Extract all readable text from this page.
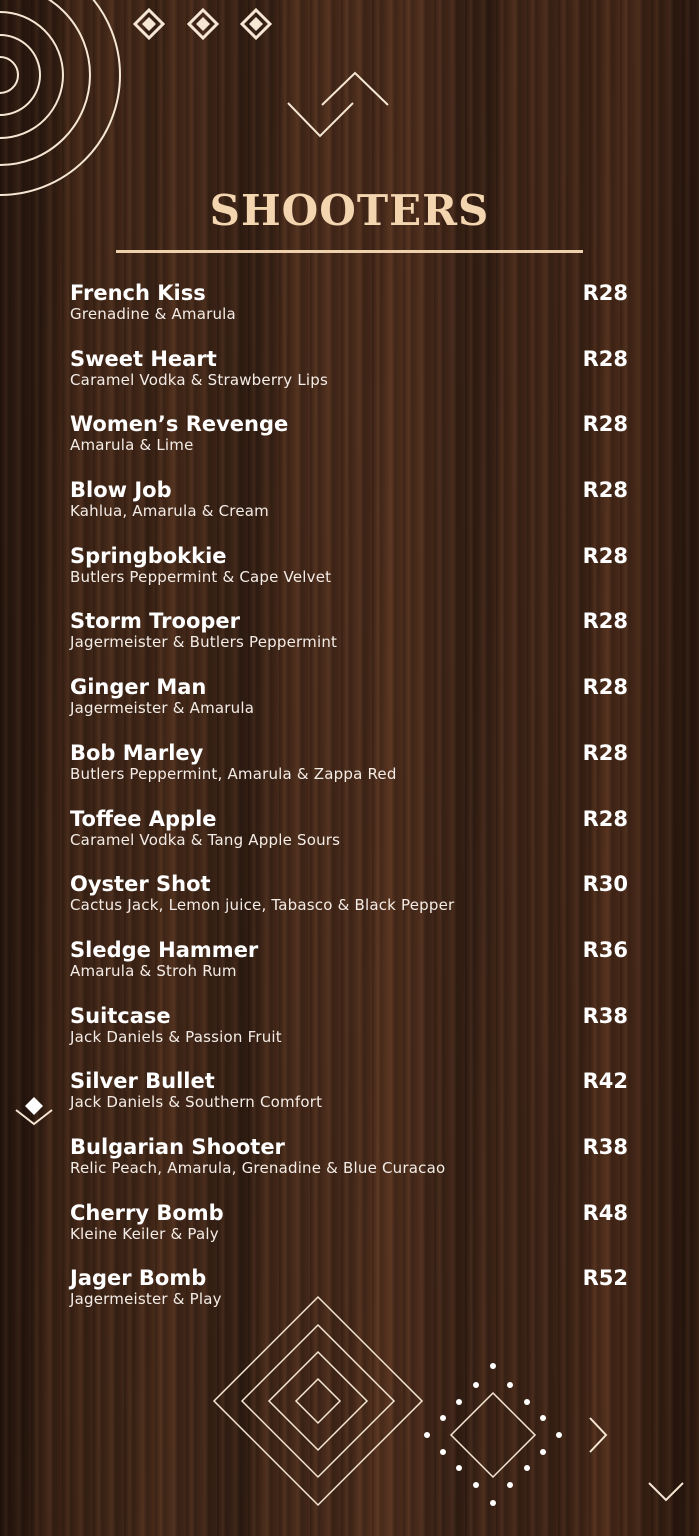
SHOOTERS
French Kiss
Grenadine & Amarula
R28
Sweet Heart
Caramel Vodka & Strawberry Lips
R28
Women’s Revenge
Amarula & Lime
R28
Blow Job
Kahlua, Amarula & Cream
R28
Springbokkie
Butlers Peppermint & Cape Velvet
R28
Storm Trooper
Jagermeister & Butlers Peppermint
R28
Ginger Man
Jagermeister & Amarula
R28
Bob Marley
Butlers Peppermint, Amarula & Zappa Red
R28
Toffee Apple
Caramel Vodka & Tang Apple Sours
R28
Oyster Shot
Cactus Jack, Lemon juice, Tabasco & Black Pepper
R30
Sledge Hammer
Amarula & Stroh Rum
R36
Suitcase
Jack Daniels & Passion Fruit
R38
Silver Bullet
Jack Daniels & Southern Comfort
R42
Bulgarian Shooter
Relic Peach, Amarula, Grenadine & Blue Curacao
R38
Cherry Bomb
Kleine Keiler & Paly
R48
Jager Bomb
Jagermeister & Play
R52
